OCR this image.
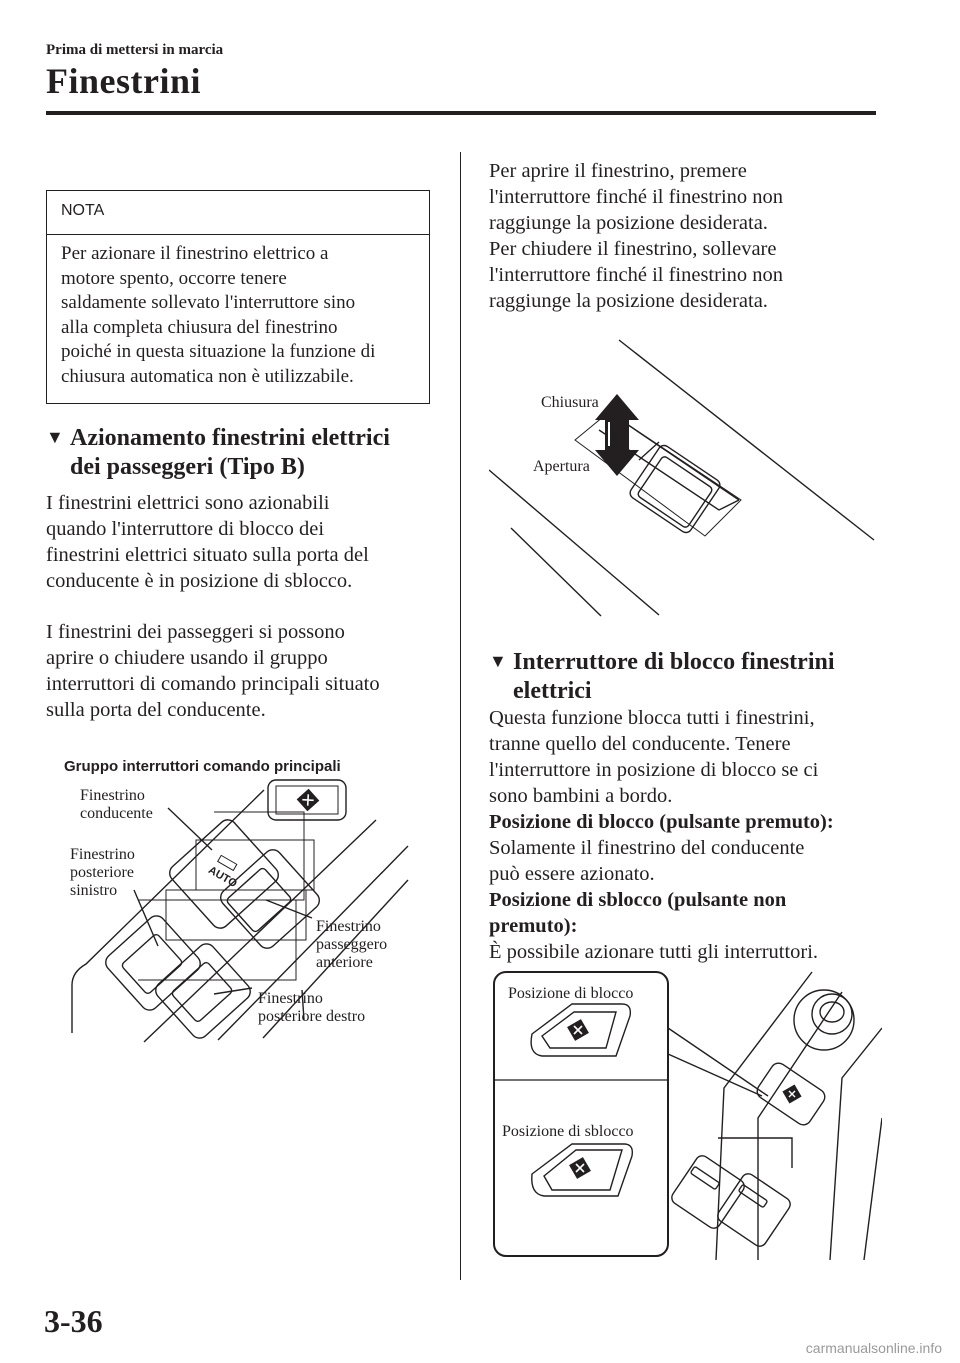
Prima di mettersi in marcia
Finestrini
NOTA
Per azionare il finestrino elettrico a
motore spento, occorre tenere
saldamente sollevato l'interruttore sino
alla completa chiusura del finestrino
poiché in questa situazione la funzione di
chiusura automatica non è utilizzabile.
▼ Azionamento finestrini elettrici
dei passeggeri (Tipo B)

I finestrini elettrici sono azionabili

quando l'interruttore di blocco dei

finestrini elettrici situato sulla porta del

conducente è in posizione di sblocco.

I finestrini dei passeggeri si possono

aprire o chiudere usando il gruppo

interruttori di comando principali situato

sulla porta del conducente.

AUTO
Gruppo interruttori comando principali
Finestrino
conducente
Finestrino
posteriore
sinistro
Finestrino
passeggero
anteriore
Finestrino
posteriore destro

Per aprire il finestrino, premere

l'interruttore finché il finestrino non

raggiunge la posizione desiderata.

Per chiudere il finestrino, sollevare

l'interruttore finché il finestrino non

raggiunge la posizione desiderata.

Chiusura
Apertura
▼ Interruttore di blocco finestrini
elettrici

Questa funzione blocca tutti i finestrini,

tranne quello del conducente. Tenere

l'interruttore in posizione di blocco se ci

sono bambini a bordo.

Posizione di blocco (pulsante premuto):

Solamente il finestrino del conducente

può essere azionato.

Posizione di sblocco (pulsante non

premuto):

È possibile azionare tutti gli interruttori.

Posizione di blocco
Posizione di sblocco
3-36
carmanualsonline.info
